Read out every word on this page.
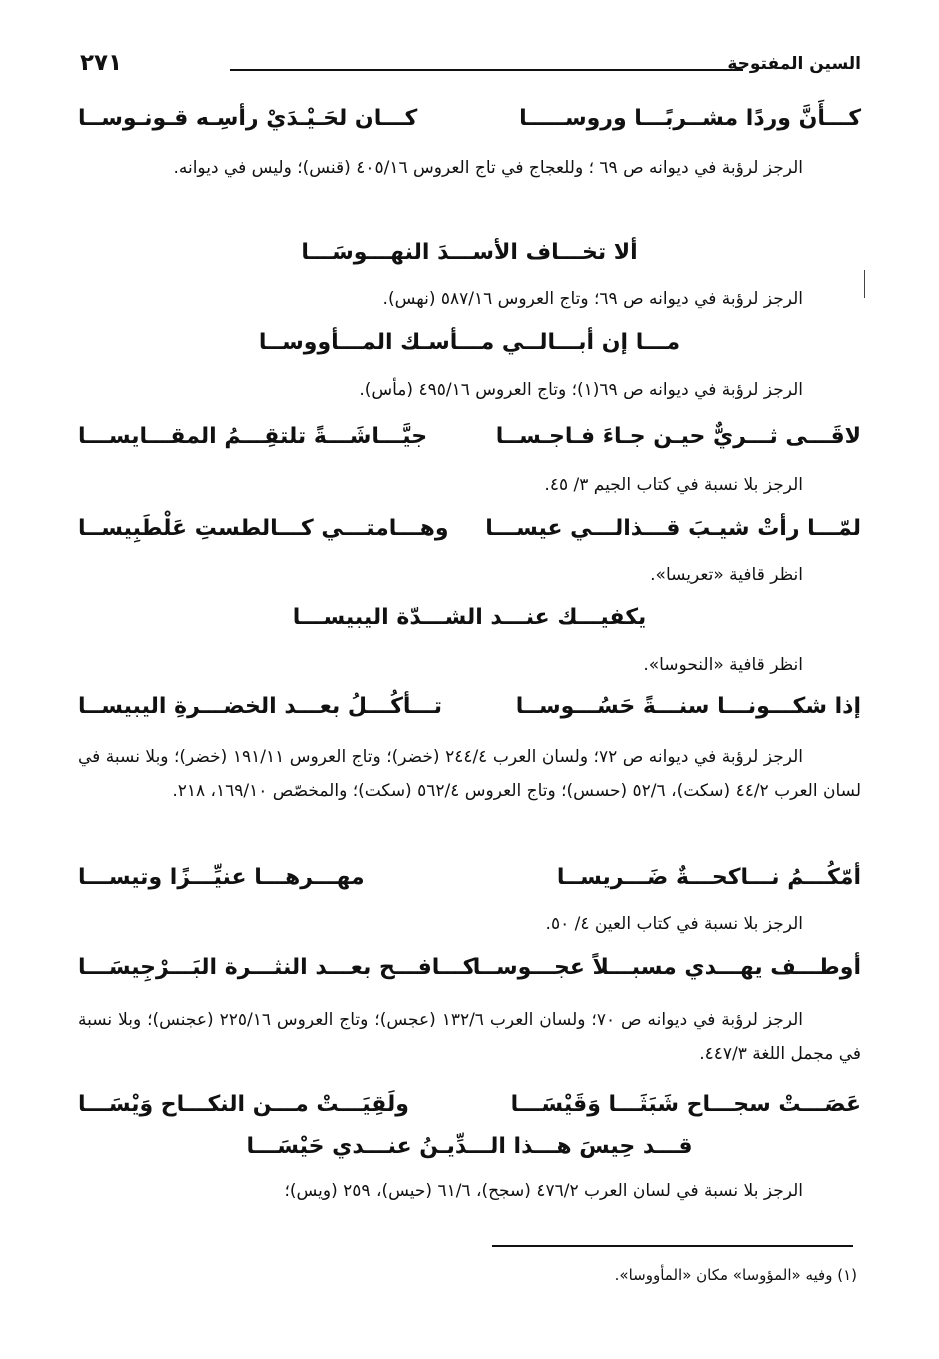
٢٧١	السين المفتوحة
كـــأَنَّ وردًا مشــربًـــا وروســـــا
كـــان لحَـيْـدَيْ رأسِـه قـونـوســا
الرجز لرؤبة في ديوانه ص ٦٩ ؛ وللعجاج في تاج العروس ٤٠٥/١٦ (قنس)؛ وليس في ديوانه.
ألا تخـــاف الأســـدَ النهـــوسَـــا
الرجز لرؤبة في ديوانه ص ٦٩؛ وتاج العروس ٥٨٧/١٦ (نهس).
مـــا إن أبـــالــي مـــأسـك المـــأووســا
الرجز لرؤبة في ديوانه ص ٦٩(١)؛ وتاج العروس ٤٩٥/١٦ (مأس).
لاقَـــى ثـــريٌّ حيـن جـاءَ فـاجـســا
جيَّـــاشَـــةً تلتقِـــمُ المقـــايســـا
الرجز بلا نسبة في كتاب الجيم ٣/ ٤٥.
لمّـــا رأتْ شيـبَ قـــذالـــي عيســـا
وهـــامتـــي كـــالطستِ عَلْطَبِيســا
انظر قافية «تعريسا».
يكفيـــك عنـــد الشـــدّة اليبيســـا
انظر قافية «النحوسا».
إذا شكـــونـــا سنـــةً حَسُـــوســا
تـــأكُـــلُ بعـــد الخضـــرةِ اليبيســا
الرجز لرؤبة في ديوانه ص ٧٢؛ ولسان العرب ٢٤٤/٤ (خضر)؛ وتاج العروس ١٩١/١١ (خضر)؛ وبلا نسبة في لسان العرب ٤٤/٢ (سكت)، ٥٢/٦ (حسس)؛ وتاج العروس ٥٦٢/٤ (سكت)؛ والمخصّص ١٦٩/١٠، ٢١٨.
أمّكُـــمُ نـــاكحـــةٌ ضَـــريســا
مهـــرهـــا عنيِّـــزًا وتيســـا
الرجز بلا نسبة في كتاب العين ٤/ ٥٠.
أوطـــف يهـــدي مسبـــلاً عجـــوســا
كـــافـــح بعـــد النثـــرة البَـــرْجِيسَـــا
الرجز لرؤبة في ديوانه ص ٧٠؛ ولسان العرب ١٣٢/٦ (عجس)؛ وتاج العروس ٢٢٥/١٦ (عجنس)؛ وبلا نسبة في مجمل اللغة ٤٤٧/٣.
عَصَـــتْ سجـــاح شَبَثَـــا وَقَيْسَـــا
ولَقِيَـــتْ مـــن النكـــاح وَيْسَـــا
قـــد حِيسَ هـــذا الـــدِّيـنُ عنـــدي حَيْسَـــا
الرجز بلا نسبة في لسان العرب ٤٧٦/٢ (سجح)، ٦١/٦ (حيس)، ٢٥٩ (ويس)؛
(١) وفيه «المؤوسا» مكان «المأووسا».
